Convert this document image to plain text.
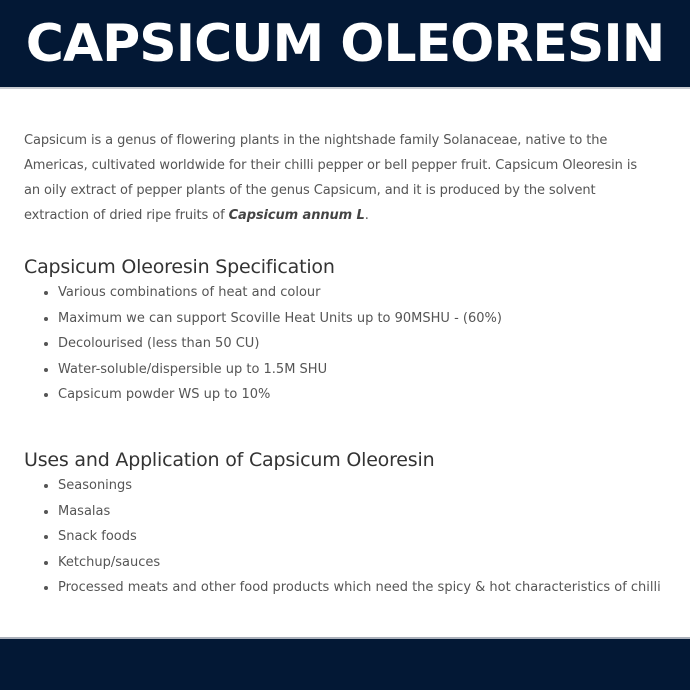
CAPSICUM OLEORESIN

Capsicum is a genus of flowering plants in the nightshade family Solanaceae, native to the Americas, cultivated worldwide for their chilli pepper or bell pepper fruit. Capsicum Oleoresin is an oily extract of pepper plants of the genus Capsicum, and it is produced by the solvent extraction of dried ripe fruits of Capsicum annum L.

Capsicum Oleoresin Specification
• Various combinations of heat and colour
• Maximum we can support Scoville Heat Units up to 90MSHU - (60%)
• Decolourised (less than 50 CU)
• Water-soluble/dispersible up to 1.5M SHU
• Capsicum powder WS up to 10%
Uses and Application of Capsicum Oleoresin
• Seasonings
• Masalas
• Snack foods
• Ketchup/sauces
• Processed meats and other food products which need the spicy & hot characteristics of chilli
